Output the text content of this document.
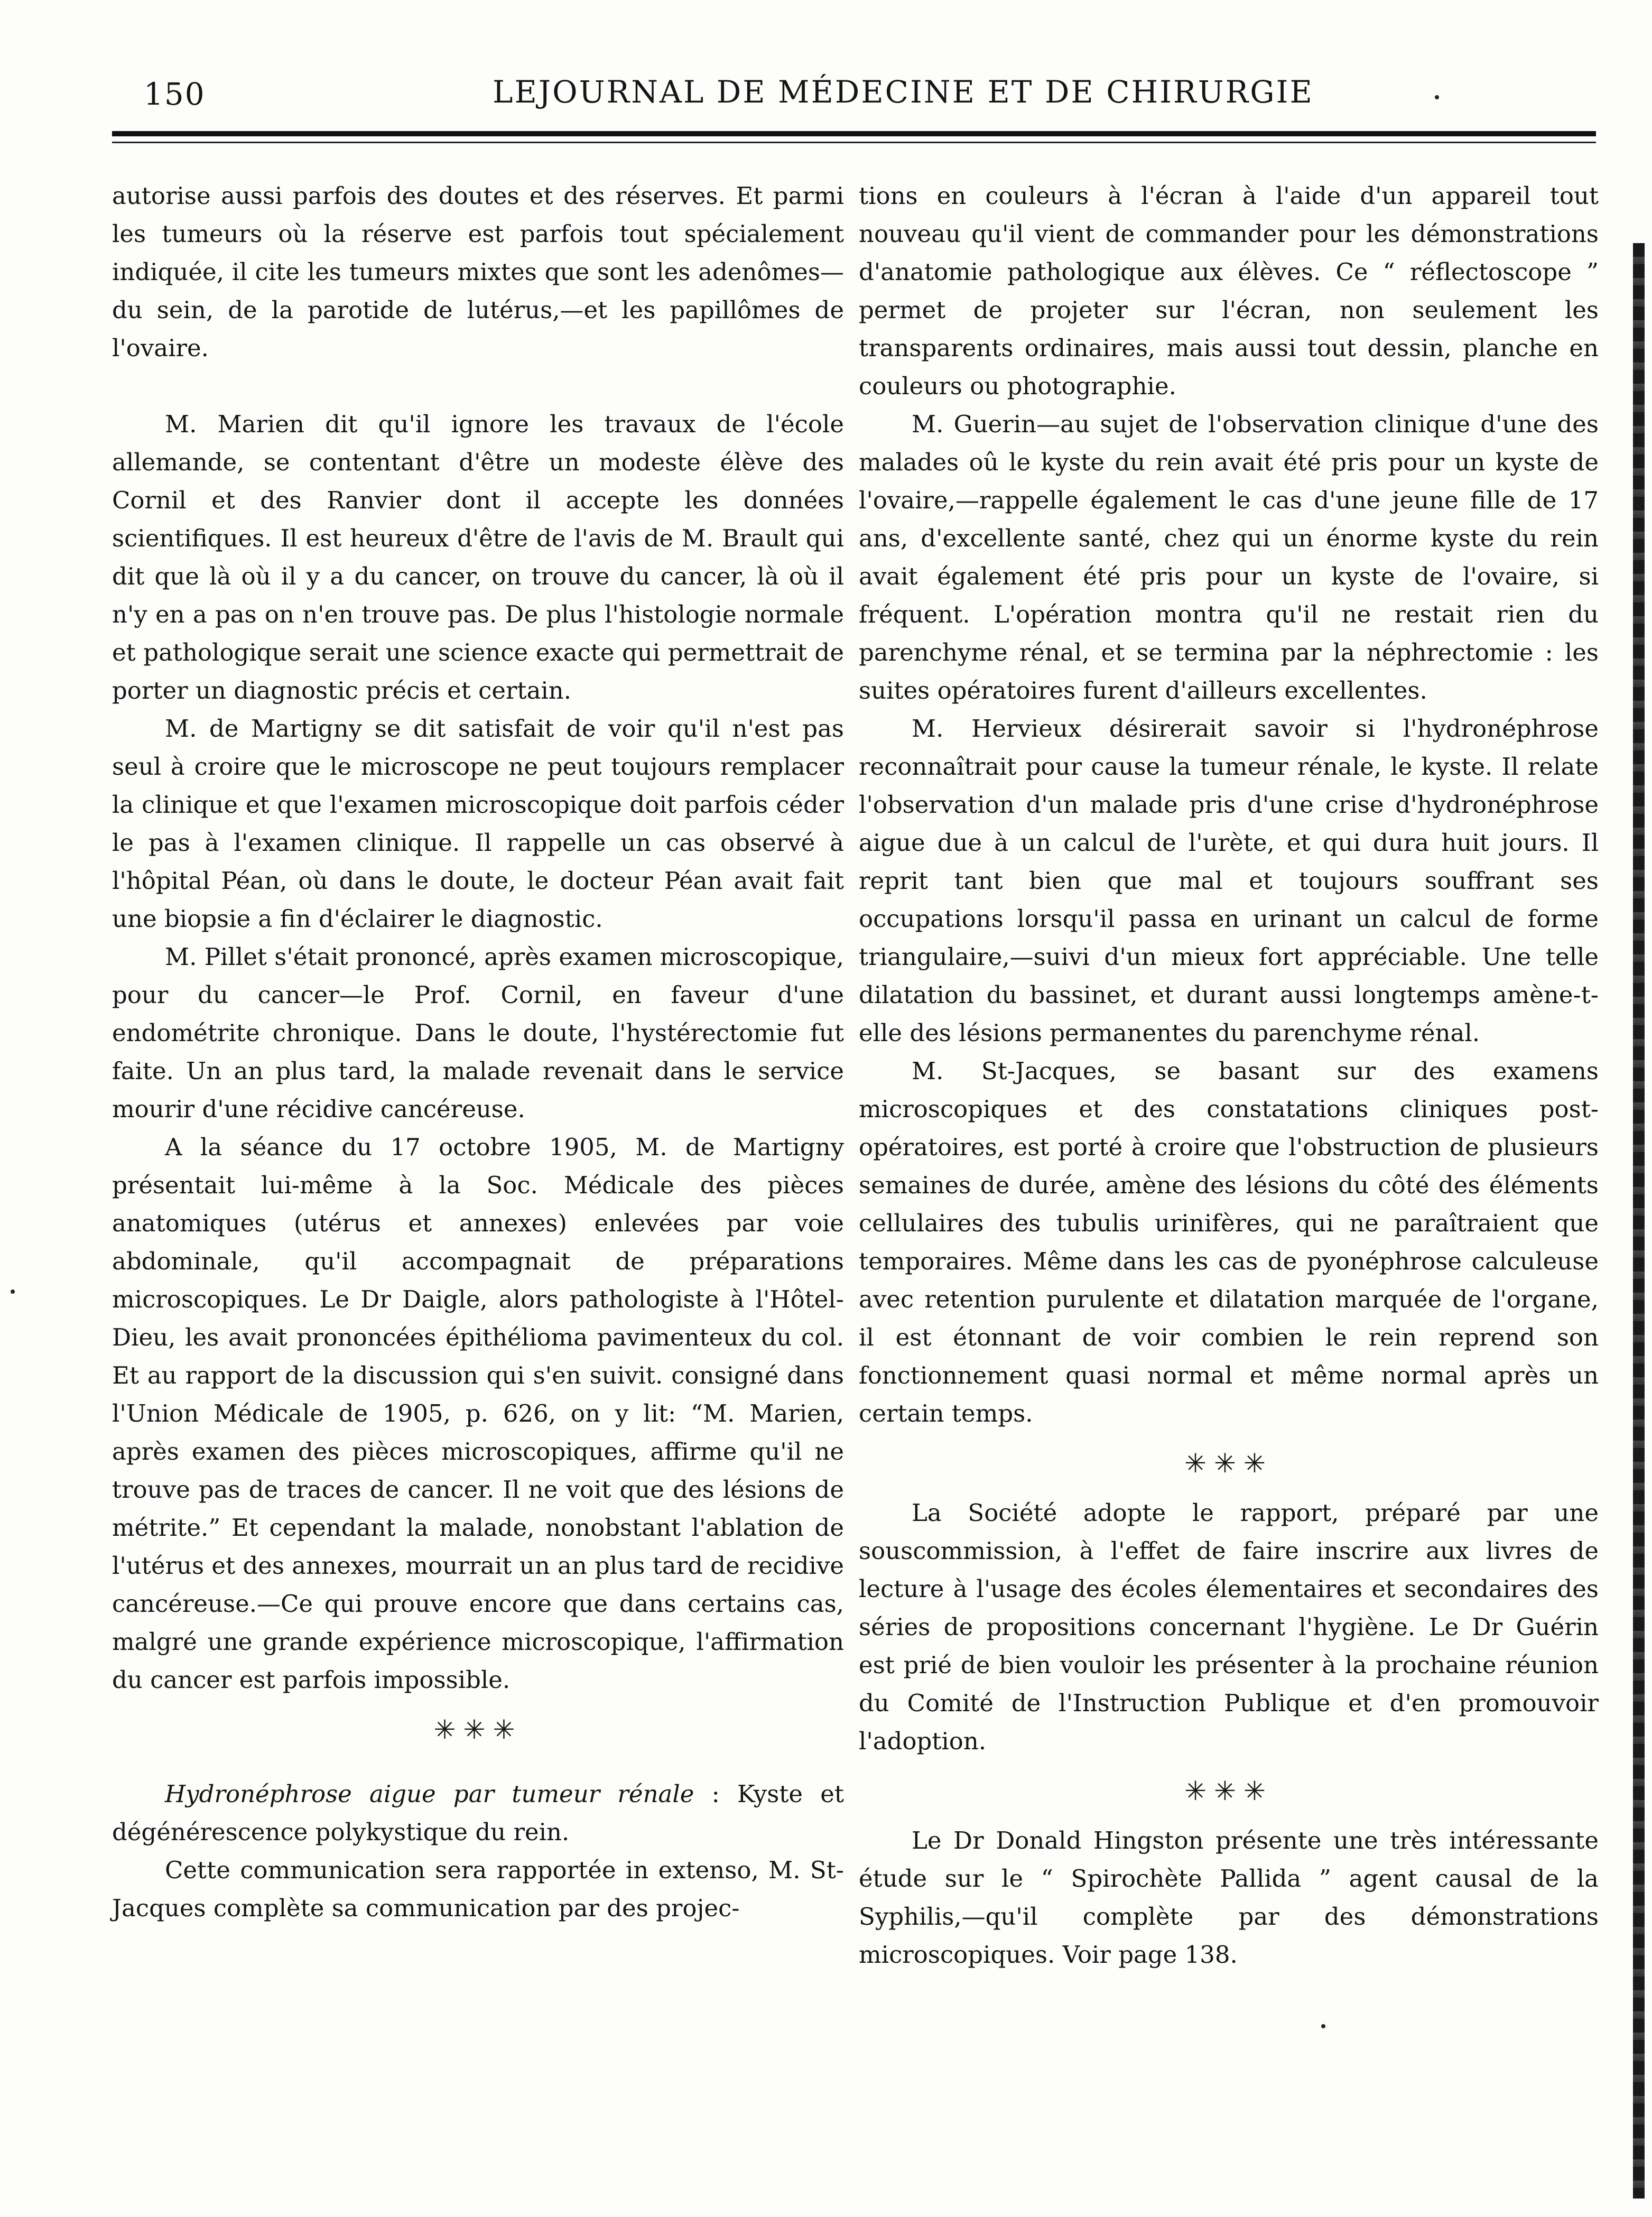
150	LEJOURNAL DE MÉDECINE ET DE CHIRURGIE

autorise aussi parfois des doutes et des réserves. Et parmi les tumeurs où la réserve est parfois tout spécialement indiquée, il cite les tumeurs mixtes que sont les adenômes—du sein, de la parotide de lutérus,—et les papillômes de l'ovaire.

M. Marien dit qu'il ignore les travaux de l'école allemande, se contentant d'être un modeste élève des Cornil et des Ranvier dont il accepte les données scientifiques. Il est heureux d'être de l'avis de M. Brault qui dit que là où il y a du cancer, on trouve du cancer, là où il n'y en a pas on n'en trouve pas. De plus l'histologie normale et pathologique serait une science exacte qui permettrait de porter un diagnostic précis et certain.

M. de Martigny se dit satisfait de voir qu'il n'est pas seul à croire que le microscope ne peut toujours remplacer la clinique et que l'examen microscopique doit parfois céder le pas à l'examen clinique. Il rappelle un cas observé à l'hôpital Péan, où dans le doute, le docteur Péan avait fait une biopsie a fin d'éclairer le diagnostic.

M. Pillet s'était prononcé, après examen microscopique, pour du cancer—le Prof. Cornil, en faveur d'une endométrite chronique. Dans le doute, l'hystérectomie fut faite. Un an plus tard, la malade revenait dans le service mourir d'une récidive cancéreuse.

A la séance du 17 octobre 1905, M. de Martigny présentait lui-même à la Soc. Médicale des pièces anatomiques (utérus et annexes) enlevées par voie abdominale, qu'il accompagnait de préparations microscopiques. Le Dr Daigle, alors pathologiste à l'Hôtel-Dieu, les avait prononcées épithélioma pavimenteux du col. Et au rapport de la discussion qui s'en suivit. consigné dans l'Union Médicale de 1905, p. 626, on y lit: “M. Marien, après examen des pièces microscopiques, affirme qu'il ne trouve pas de traces de cancer. Il ne voit que des lésions de métrite.” Et cependant la malade, nonobstant l'ablation de l'utérus et des annexes, mourrait un an plus tard de recidive cancéreuse.—Ce qui prouve encore que dans certains cas, malgré une grande expérience microscopique, l'affirmation du cancer est parfois impossible.

✳✳✳

Hydronéphrose aigue par tumeur rénale : Kyste et dégénérescence polykystique du rein.

Cette communication sera rapportée in extenso, M. St-Jacques complète sa communication par des projec-

tions en couleurs à l'écran à l'aide d'un appareil tout nouveau qu'il vient de commander pour les démonstrations d'anatomie pathologique aux élèves. Ce “ réflectoscope ” permet de projeter sur l'écran, non seulement les transparents ordinaires, mais aussi tout dessin, planche en couleurs ou photographie.

M. Guerin—au sujet de l'observation clinique d'une des malades oû le kyste du rein avait été pris pour un kyste de l'ovaire,—rappelle également le cas d'une jeune fille de 17 ans, d'excellente santé, chez qui un énorme kyste du rein avait également été pris pour un kyste de l'ovaire, si fréquent. L'opération montra qu'il ne restait rien du parenchyme rénal, et se termina par la néphrectomie : les suites opératoires furent d'ailleurs excellentes.

M. Hervieux désirerait savoir si l'hydronéphrose reconnaîtrait pour cause la tumeur rénale, le kyste. Il relate l'observation d'un malade pris d'une crise d'hydronéphrose aigue due à un calcul de l'urète, et qui dura huit jours. Il reprit tant bien que mal et toujours souffrant ses occupations lorsqu'il passa en urinant un calcul de forme triangulaire,—suivi d'un mieux fort appréciable. Une telle dilatation du bassinet, et durant aussi longtemps amène-t-elle des lésions permanentes du parenchyme rénal.

M. St-Jacques, se basant sur des examens microscopiques et des constatations cliniques post-opératoires, est porté à croire que l'obstruction de plusieurs semaines de durée, amène des lésions du côté des éléments cellulaires des tubulis urinifères, qui ne paraîtraient que temporaires. Même dans les cas de pyonéphrose calculeuse avec retention purulente et dilatation marquée de l'organe, il est étonnant de voir combien le rein reprend son fonctionnement quasi normal et même normal après un certain temps.

✳✳✳

La Société adopte le rapport, préparé par une souscommission, à l'effet de faire inscrire aux livres de lecture à l'usage des écoles élementaires et secondaires des séries de propositions concernant l'hygiène. Le Dr Guérin est prié de bien vouloir les présenter à la prochaine réunion du Comité de l'Instruction Publique et d'en promouvoir l'adoption.

✳✳✳

Le Dr Donald Hingston présente une très intéressante étude sur le “ Spirochète Pallida ” agent causal de la Syphilis,—qu'il complète par des démonstrations microscopiques. Voir page 138.
